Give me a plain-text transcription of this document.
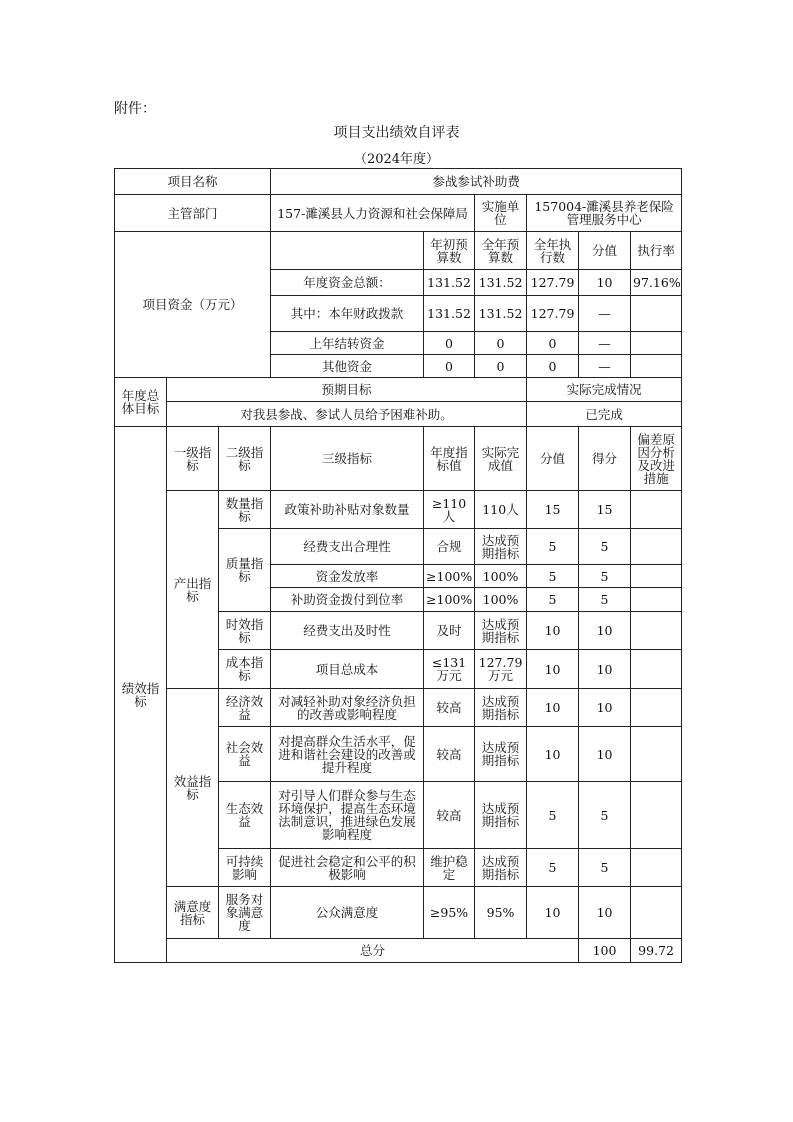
附件：
项目支出绩效自评表
（2024年度）
项目名称			参战参试补助费						
主管部门			157-濉溪县人力资源和社会保障局		实施单位	157004-濉溪县养老保险管理服务中心			
项目资金（万元）				年初预算数	全年预算数	全年执行数	分值	执行率	
			年度资金总额：	131.52	131.52	127.79	10	97.16%	
			其中：本年财政拨款	131.52	131.52	127.79	—		
			上年结转资金	0	0	0	—		
			其他资金	0	0	0	—		
年度总体目标	预期目标					实际完成情况			
	对我县参战、参试人员给予困难补助。					已完成			
绩效指标	一级指标	二级指标	三级指标	年度指标值	实际完成值	分值	得分	偏差原因分析及改进措施	
	产出指标	数量指标	政策补助补贴对象数量	≥110人	110人	15	15		
		质量指标	经费支出合理性	合规	达成预期指标	5	5		
			资金发放率	≥100%	100%	5	5		
			补助资金拨付到位率	≥100%	100%	5	5		
		时效指标	经费支出及时性	及时	达成预期指标	10	10		
		成本指标	项目总成本	≤131万元	127.79万元	10	10		
	效益指标	经济效益	对减轻补助对象经济负担的改善或影响程度	较高	达成预期指标	10	10		
		社会效益	对提高群众生活水平，促进和谐社会建设的改善或提升程度	较高	达成预期指标	10	10		
		生态效益	对引导人们群众参与生态环境保护，提高生态环境法制意识，推进绿色发展影响程度	较高	达成预期指标	5	5		
		可持续影响	促进社会稳定和公平的积极影响	维护稳定	达成预期指标	5	5		
	满意度指标	服务对象满意度	公众满意度	≥95%	95%	10	10		
	总分						100	99.72	
